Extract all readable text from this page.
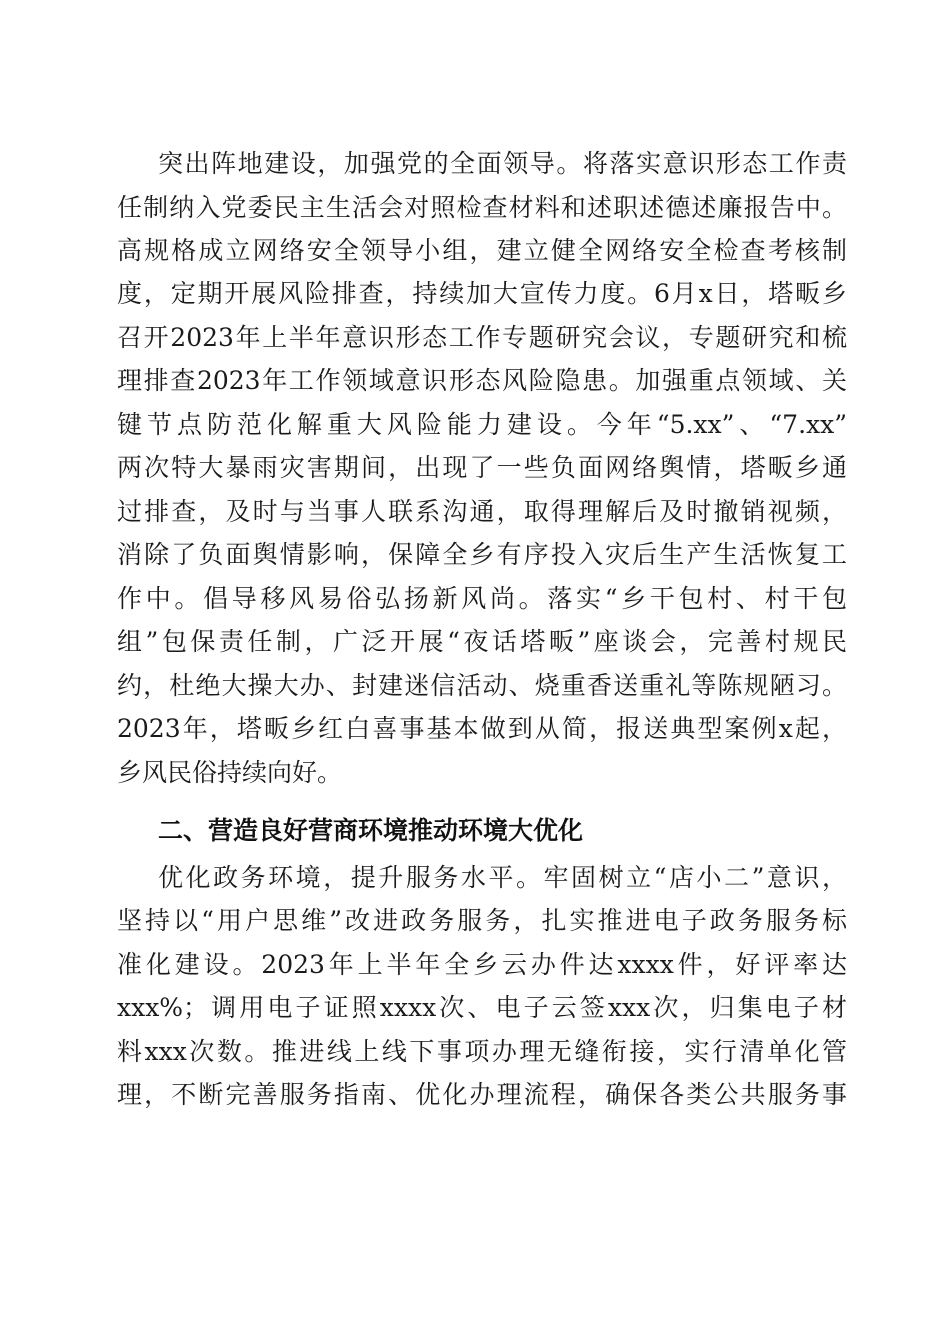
突出阵地建设，加强党的全面领导。将落实意识形态工作责
任制纳入党委民主生活会对照检查材料和述职述德述廉报告中。
高规格成立网络安全领导小组，建立健全网络安全检查考核制
度，定期开展风险排查，持续加大宣传力度。6月x日，塔畈乡
召开2023年上半年意识形态工作专题研究会议，专题研究和梳
理排查2023年工作领域意识形态风险隐患。加强重点领域、关
键节点防范化解重大风险能力建设。今年“5.xx”、“7.xx”
两次特大暴雨灾害期间，出现了一些负面网络舆情，塔畈乡通
过排查，及时与当事人联系沟通，取得理解后及时撤销视频，
消除了负面舆情影响，保障全乡有序投入灾后生产生活恢复工
作中。倡导移风易俗弘扬新风尚。落实“乡干包村、村干包
组”包保责任制，广泛开展“夜话塔畈”座谈会，完善村规民
约，杜绝大操大办、封建迷信活动、烧重香送重礼等陈规陋习。
2023年，塔畈乡红白喜事基本做到从简，报送典型案例x起，
乡风民俗持续向好。
二、营造良好营商环境推动环境大优化
优化政务环境，提升服务水平。牢固树立“店小二”意识，
坚持以“用户思维”改进政务服务，扎实推进电子政务服务标
准化建设。2023年上半年全乡云办件达xxxx件，好评率达
xxx%；调用电子证照xxxx次、电子云签xxx次，归集电子材
料xxx次数。推进线上线下事项办理无缝衔接，实行清单化管
理，不断完善服务指南、优化办理流程，确保各类公共服务事
